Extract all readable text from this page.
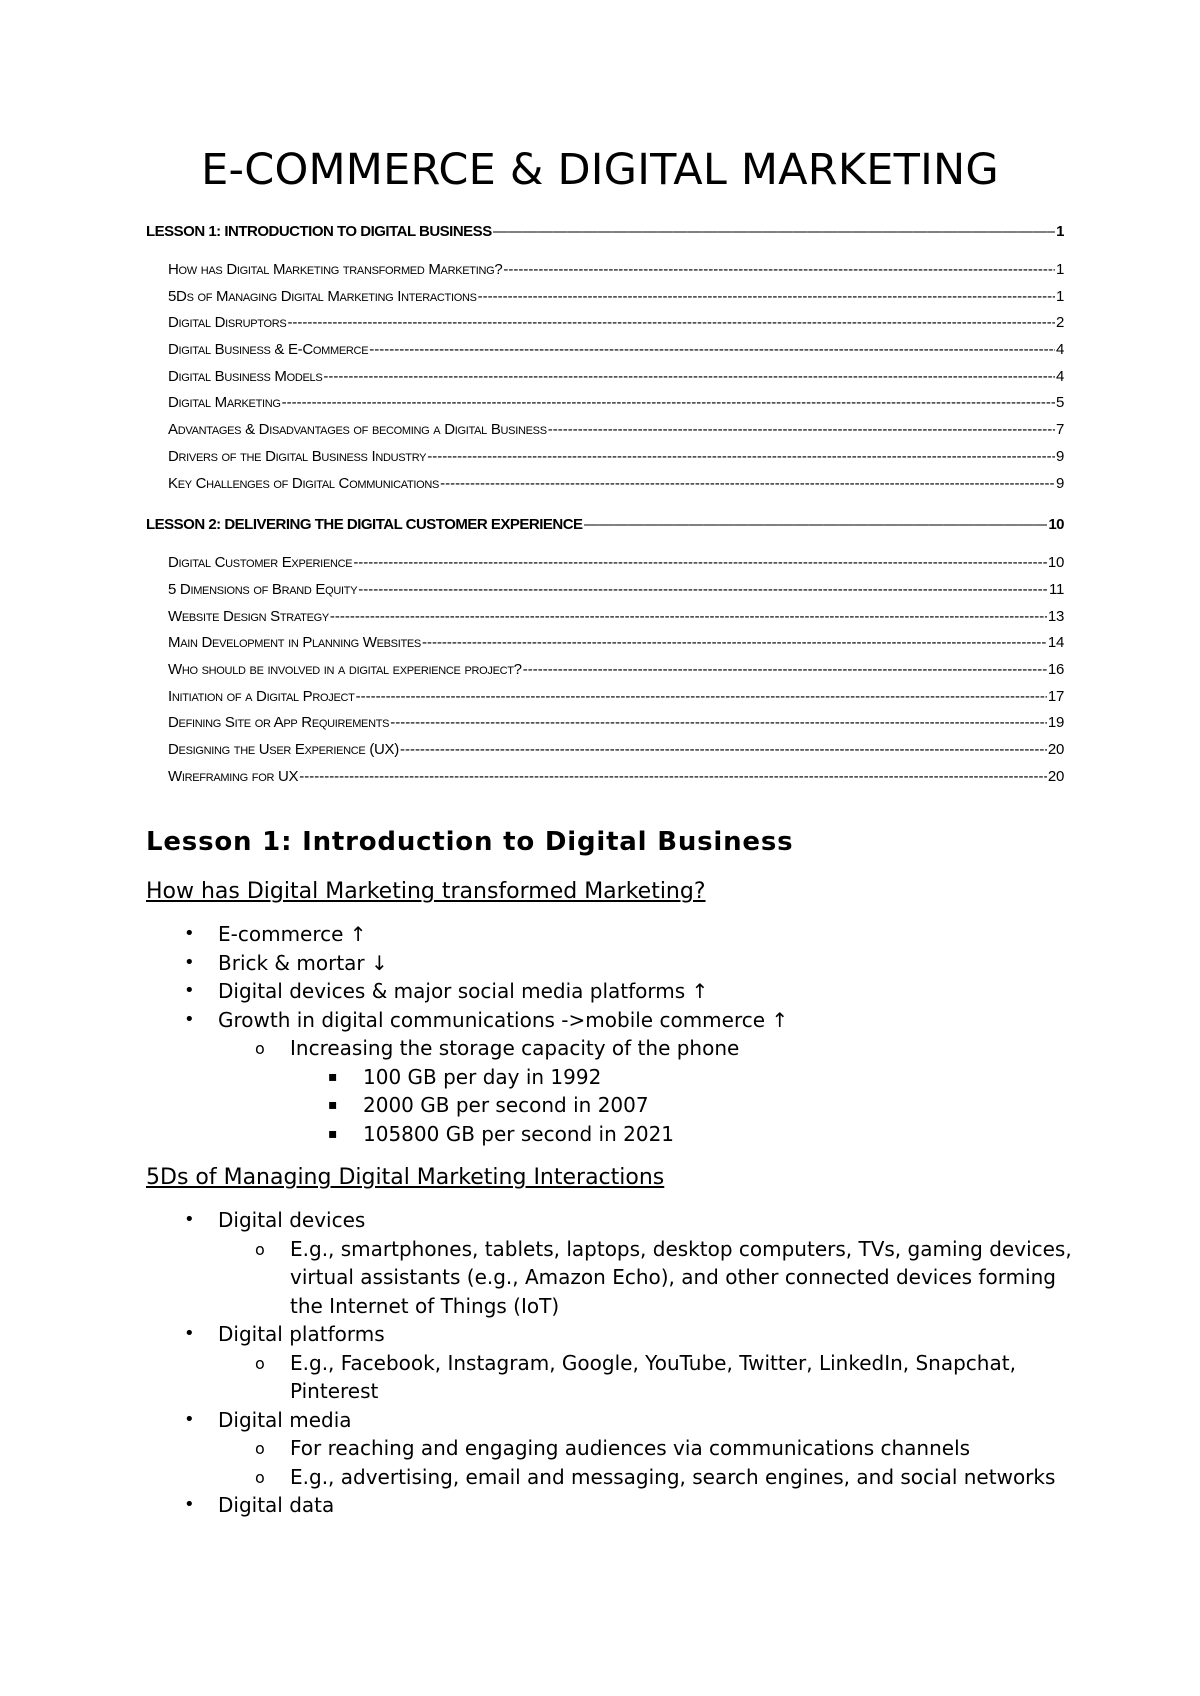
E-COMMERCE & DIGITAL MARKETING
LESSON 1: INTRODUCTION TO DIGITAL BUSINESS —————	1
How has Digital Marketing transformed Marketing? -----	1
5Ds of Managing Digital Marketing Interactions -----	1
Digital Disruptors -----	2
Digital Business & E-Commerce -----	4
Digital Business Models -----	4
Digital Marketing -----	5
Advantages & Disadvantages of becoming a Digital Business -----	7
Drivers of the Digital Business Industry -----	9
Key Challenges of Digital Communications -----	9
LESSON 2: DELIVERING THE DIGITAL CUSTOMER EXPERIENCE —————	10
Digital Customer Experience -----	10
5 Dimensions of Brand Equity -----	11
Website Design Strategy -----	13
Main Development in Planning Websites -----	14
Who should be involved in a digital experience project? -----	16
Initiation of a Digital Project -----	17
Defining Site or App Requirements -----	19
Designing the User Experience (UX) -----	20
Wireframing for UX -----	20
Lesson 1: Introduction to Digital Business
How has Digital Marketing transformed Marketing?
• E-commerce ↑
• Brick & mortar ↓
• Digital devices & major social media platforms ↑
• Growth in digital communications ->mobile commerce ↑
o Increasing the storage capacity of the phone
▪ 100 GB per day in 1992
▪ 2000 GB per second in 2007
▪ 105800 GB per second in 2021
5Ds of Managing Digital Marketing Interactions
• Digital devices
o E.g., smartphones, tablets, laptops, desktop computers, TVs, gaming devices, virtual assistants (e.g., Amazon Echo), and other connected devices forming the Internet of Things (IoT)
• Digital platforms
o E.g., Facebook, Instagram, Google, YouTube, Twitter, LinkedIn, Snapchat, Pinterest
• Digital media
o For reaching and engaging audiences via communications channels
o E.g., advertising, email and messaging, search engines, and social networks
• Digital data
